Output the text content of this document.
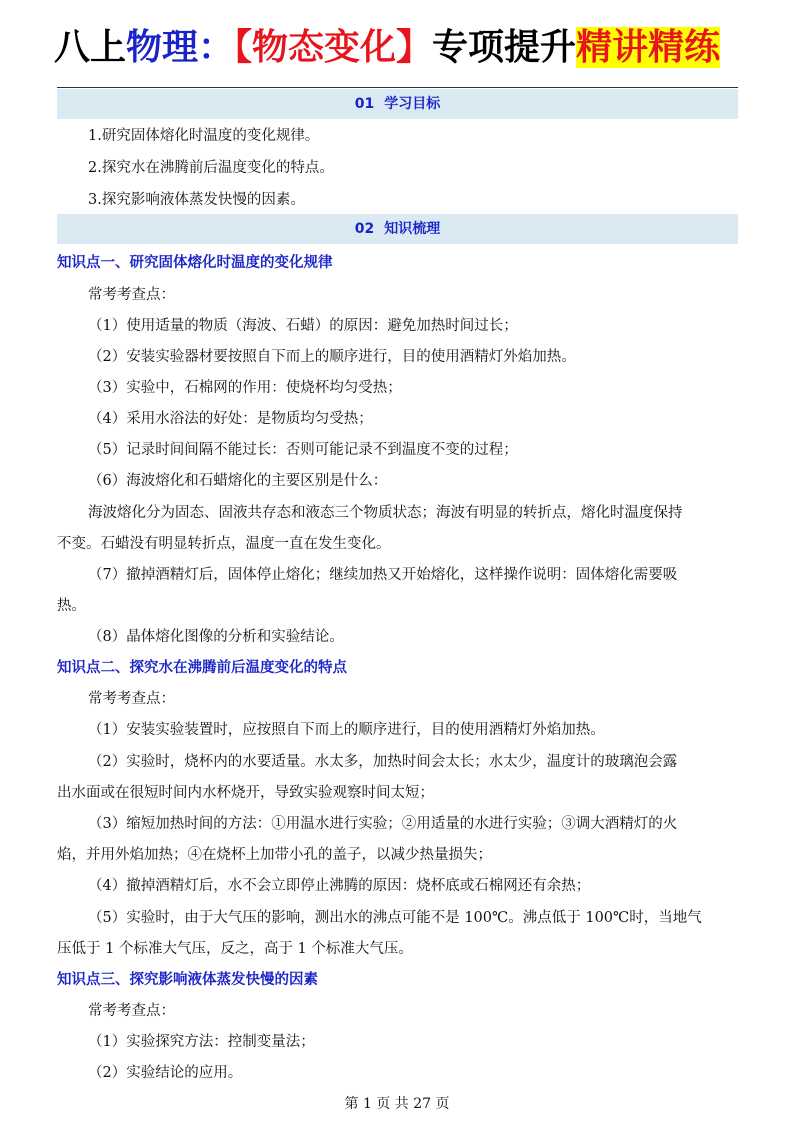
八上物理：【物态变化】专项提升精讲精练
01 学习目标
1.研究固体熔化时温度的变化规律。
2.探究水在沸腾前后温度变化的特点。
3.探究影响液体蒸发快慢的因素。
02 知识梳理
知识点一、研究固体熔化时温度的变化规律
常考考查点：
（1）使用适量的物质（海波、石蜡）的原因：避免加热时间过长；
（2）安装实验器材要按照自下而上的顺序进行，目的使用酒精灯外焰加热。
（3）实验中，石棉网的作用：使烧杯均匀受热；
（4）采用水浴法的好处：是物质均匀受热；
（5）记录时间间隔不能过长：否则可能记录不到温度不变的过程；
（6）海波熔化和石蜡熔化的主要区别是什么：
海波熔化分为固态、固液共存态和液态三个物质状态；海波有明显的转折点，熔化时温度保持
不变。石蜡没有明显转折点，温度一直在发生变化。
（7）撤掉酒精灯后，固体停止熔化；继续加热又开始熔化，这样操作说明：固体熔化需要吸
热。
（8）晶体熔化图像的分析和实验结论。
知识点二、探究水在沸腾前后温度变化的特点
常考考查点：
（1）安装实验装置时，应按照自下而上的顺序进行，目的使用酒精灯外焰加热。
（2）实验时，烧杯内的水要适量。水太多，加热时间会太长；水太少，温度计的玻璃泡会露
出水面或在很短时间内水杯烧开，导致实验观察时间太短；
（3）缩短加热时间的方法：①用温水进行实验；②用适量的水进行实验；③调大酒精灯的火
焰，并用外焰加热；④在烧杯上加带小孔的盖子，以减少热量损失；
（4）撤掉酒精灯后，水不会立即停止沸腾的原因：烧杯底或石棉网还有余热；
（5）实验时，由于大气压的影响，测出水的沸点可能不是 100℃。沸点低于 100℃时，当地气
压低于 1 个标准大气压，反之，高于 1 个标准大气压。
知识点三、探究影响液体蒸发快慢的因素
常考考查点：
（1）实验探究方法：控制变量法；
（2）实验结论的应用。
第 1 页 共 27 页
